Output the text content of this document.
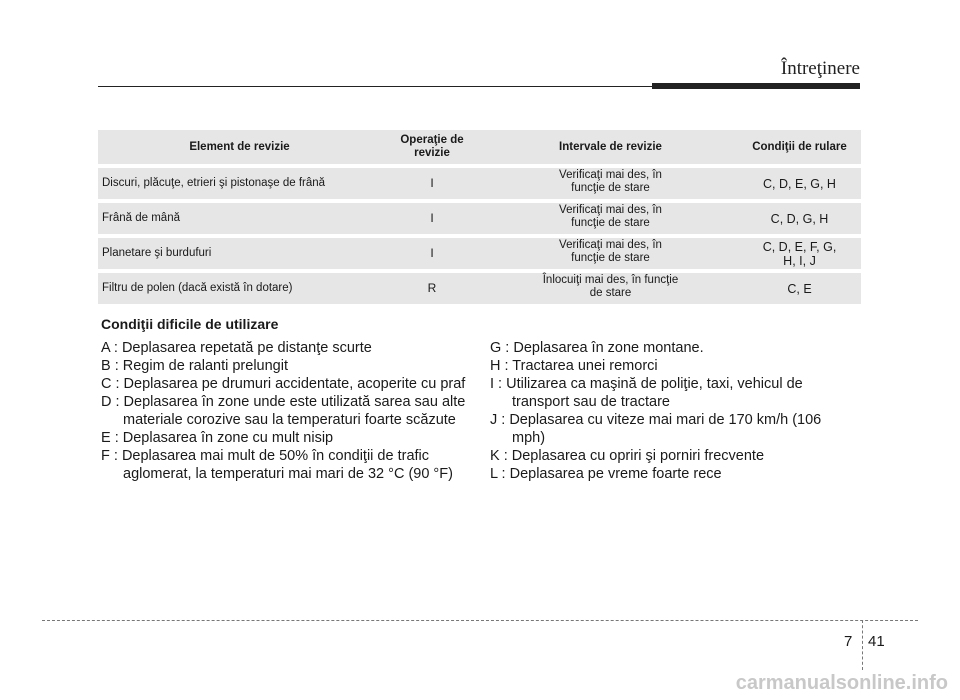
Întreţinere
Element de revizie	Operaţie de revizie	Intervale de revizie	Condiţii de rulare
Discuri, plăcuţe, etrieri şi pistonaşe de frână	I	Verificaţi mai des, în funcţie de stare	C, D, E, G, H
Frână de mână	I	Verificaţi mai des, în funcţie de stare	C, D, G, H
Planetare şi burdufuri	I	Verificaţi mai des, în funcţie de stare	C, D, E, F, G, H, I, J
Filtru de polen (dacă există în dotare)	R	Înlocuiţi mai des, în funcţie de stare	C, E
Condiţii dificile de utilizare

A : Deplasarea repetată pe distanţe scurte

B : Regim de ralanti prelungit

C : Deplasarea pe drumuri accidentate, acoperite cu praf

D : Deplasarea în zone unde este utilizată sarea sau alte materiale corozive sau la temperaturi foarte scăzute

E : Deplasarea în zone cu mult nisip

F : Deplasarea mai mult de 50% în condiţii de trafic aglomerat, la temperaturi mai mari de 32 °C (90 °F)

G : Deplasarea în zone montane.

H : Tractarea unei remorci

I : Utilizarea ca maşină de poliţie, taxi, vehicul de transport sau de tractare

J : Deplasarea cu viteze mai mari de 170 km/h (106 mph)

K : Deplasarea cu opriri şi porniri frecvente

L : Deplasarea pe vreme foarte rece

7 41
carmanualsonline.info
